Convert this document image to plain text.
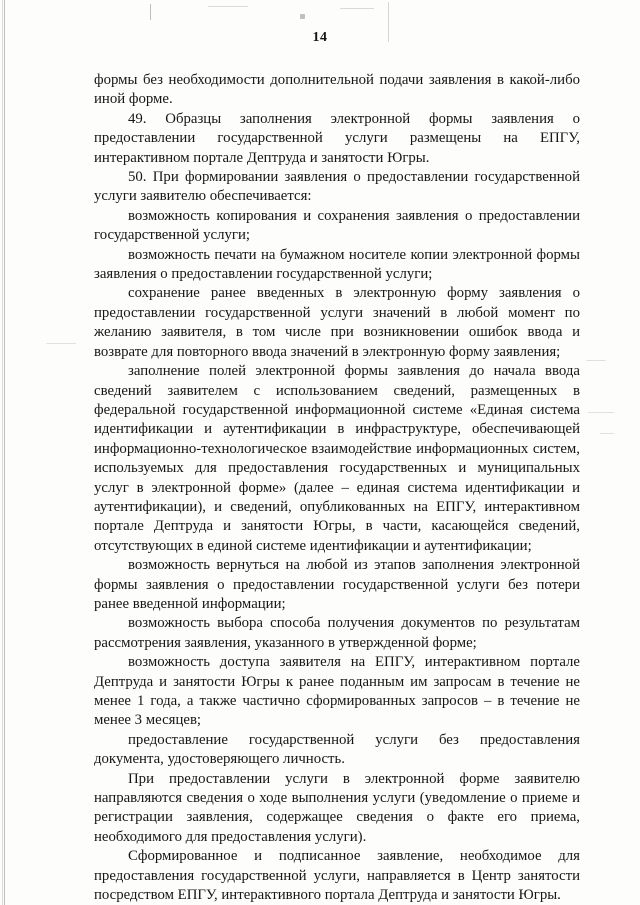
14

формы без необходимости дополнительной подачи заявления в какой-либо иной форме.

49. Образцы заполнения электронной формы заявления о предоставлении государственной услуги размещены на ЕПГУ, интерактивном портале Дептруда и занятости Югры.

50. При формировании заявления о предоставлении государственной услуги заявителю обеспечивается:

возможность копирования и сохранения заявления о предоставлении государственной услуги;

возможность печати на бумажном носителе копии электронной формы заявления о предоставлении государственной услуги;

сохранение ранее введенных в электронную форму заявления о предоставлении государственной услуги значений в любой момент по желанию заявителя, в том числе при возникновении ошибок ввода и возврате для повторного ввода значений в электронную форму заявления;

заполнение полей электронной формы заявления до начала ввода сведений заявителем с использованием сведений, размещенных в федеральной государственной информационной системе «Единая система идентификации и аутентификации в инфраструктуре, обеспечивающей информационно-технологическое взаимодействие информационных систем, используемых для предоставления государственных и муниципальных услуг в электронной форме» (далее – единая система идентификации и аутентификации), и сведений, опубликованных на ЕПГУ, интерактивном портале Дептруда и занятости Югры, в части, касающейся сведений, отсутствующих в единой системе идентификации и аутентификации;

возможность вернуться на любой из этапов заполнения электронной формы заявления о предоставлении государственной услуги без потери ранее введенной информации;

возможность выбора способа получения документов по результатам рассмотрения заявления, указанного в утвержденной форме;

возможность доступа заявителя на ЕПГУ, интерактивном портале Дептруда и занятости Югры к ранее поданным им запросам в течение не менее 1 года, а также частично сформированных запросов – в течение не менее 3 месяцев;

предоставление государственной услуги без предоставления документа, удостоверяющего личность.

При предоставлении услуги в электронной форме заявителю направляются сведения о ходе выполнения услуги (уведомление о приеме и регистрации заявления, содержащее сведения о факте его приема, необходимого для предоставления услуги).

Сформированное и подписанное заявление, необходимое для предоставления государственной услуги, направляется в Центр занятости посредством ЕПГУ, интерактивного портала Дептруда и занятости Югры.
